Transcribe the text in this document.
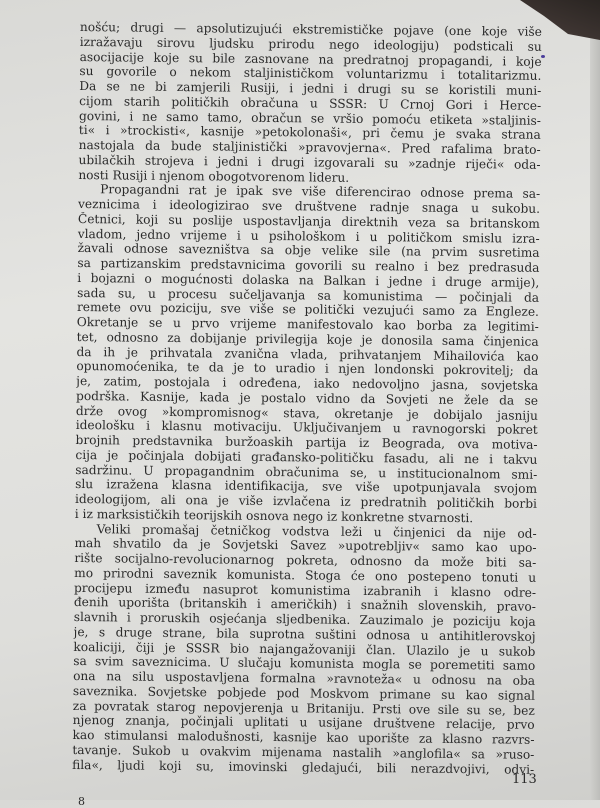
nošću; drugi — apsolutizujući ekstremističke pojave (one koje više
izražavaju sirovu ljudsku prirodu nego ideologiju) podsticali su
asocijacije koje su bile zasnovane na predratnoj propagandi, i koje
su govorile o nekom staljinističkom voluntarizmu i totalitarizmu.
Da se ne bi zamjerili Rusiji, i jedni i drugi su se koristili muni-
cijom starih političkih obračuna u SSSR: U Crnoj Gori i Herce-
govini, i ne samo tamo, obračun se vršio pomoću etiketa »staljinis-
ti« i »trockisti«, kasnije »petokolonaši«, pri čemu je svaka strana
nastojala da bude staljinistički »pravovjerna«. Pred rafalima brato-
ubilačkih strojeva i jedni i drugi izgovarali su »zadnje riječi« oda-
nosti Rusiji i njenom obogotvorenom lideru.
Propagandni rat je ipak sve više diferencirao odnose prema sa-
veznicima i ideologizirao sve društvene radnje snaga u sukobu.
Četnici, koji su poslije uspostavljanja direktnih veza sa britanskom
vladom, jedno vrijeme i u psihološkom i u političkom smislu izra-
žavali odnose savezništva sa obje velike sile (na prvim susretima
sa partizanskim predstavnicima govorili su realno i bez predrasuda
i bojazni o mogućnosti dolaska na Balkan i jedne i druge armije),
sada su, u procesu sučeljavanja sa komunistima — počinjali da
remete ovu poziciju, sve više se politički vezujući samo za Engleze.
Okretanje se u prvo vrijeme manifestovalo kao borba za legitimi-
tet, odnosno za dobijanje privilegija koje je donosila sama činjenica
da ih je prihvatala zvanična vlada, prihvatanjem Mihailovića kao
opunomoćenika, te da je to uradio i njen londonski pokrovitelj; da
je, zatim, postojala i određena, iako nedovoljno jasna, sovjetska
podrška. Kasnije, kada je postalo vidno da Sovjeti ne žele da se
drže ovog »kompromisnog« stava, okretanje je dobijalo jasniju
ideološku i klasnu motivaciju. Uključivanjem u ravnogorski pokret
brojnih predstavnika buržoaskih partija iz Beograda, ova motiva-
cija je počinjala dobijati građansko-političku fasadu, ali ne i takvu
sadržinu. U propagandnim obračunima se, u institucionalnom smi-
slu izražena klasna identifikacija, sve više upotpunjavala svojom
ideologijom, ali ona je više izvlačena iz predratnih političkih borbi
i iz marksističkih teorijskih osnova nego iz konkretne stvarnosti.
Veliki promašaj četničkog vodstva leži u činjenici da nije od-
mah shvatilo da je Sovjetski Savez »upotrebljiv« samo kao upo-
rište socijalno-revolucionarnog pokreta, odnosno da može biti sa-
mo prirodni saveznik komunista. Stoga će ono postepeno tonuti u
procijepu između nasuprot komunistima izabranih i klasno odre-
đenih uporišta (britanskih i američkih) i snažnih slovenskih, pravo-
slavnih i proruskih osjećanja sljedbenika. Zauzimalo je poziciju koja
je, s druge strane, bila suprotna suštini odnosa u antihitlerovskoj
koaliciji, čiji je SSSR bio najangažovaniji član. Ulazilo je u sukob
sa svim saveznicima. U slučaju komunista mogla se poremetiti samo
ona na silu uspostavljena formalna »ravnoteža« u odnosu na oba
saveznika. Sovjetske pobjede pod Moskvom primane su kao signal
za povratak starog nepovjerenja u Britaniju. Prsti ove sile su se, bez
njenog znanja, počinjali uplitati u usijane društvene relacije, prvo
kao stimulansi malodušnosti, kasnije kao uporište za klasno razvrs-
tavanje. Sukob u ovakvim mijenama nastalih »anglofila« sa »ruso-
fila«, ljudi koji su, imovinski gledajući, bili nerazdvojivi, odvi-
113
8
